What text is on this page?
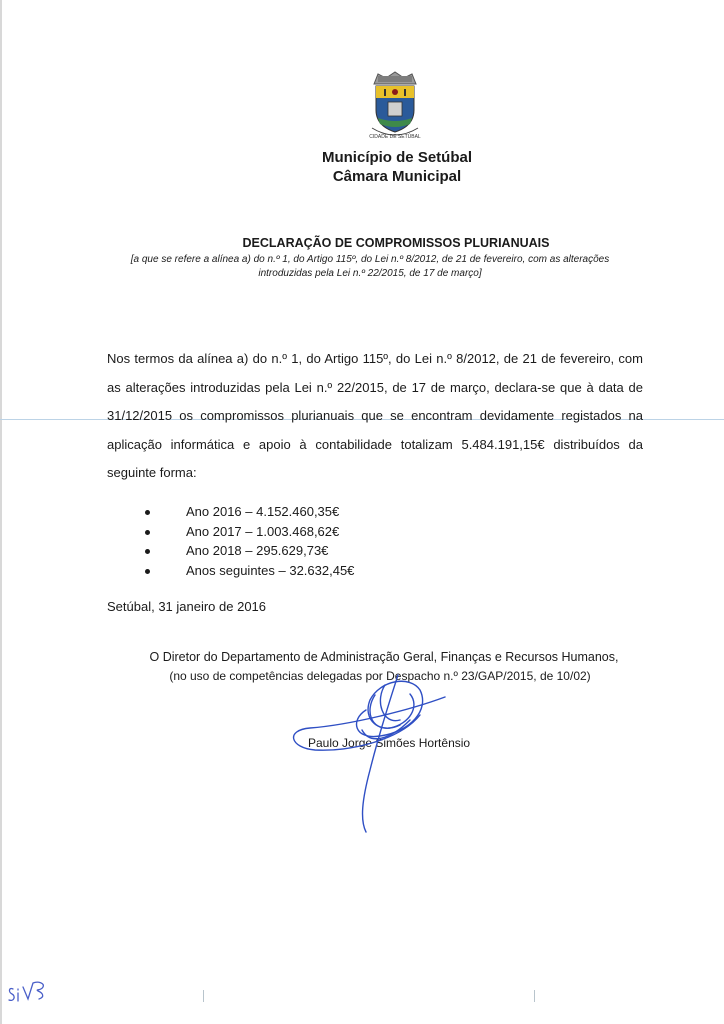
CIDADE DE SETÚBAL
Município de Setúbal
Câmara Municipal
DECLARAÇÃO DE COMPROMISSOS PLURIANUAIS
[a que se refere a alínea a) do n.º 1, do Artigo 115º, do Lei n.º 8/2012, de 21 de fevereiro, com as alterações
introduzidas pela Lei n.º 22/2015, de 17 de março]
Nos termos da alínea a) do n.º 1, do Artigo 115º, do Lei n.º 8/2012, de 21 de fevereiro, com as alterações introduzidas pela Lei n.º 22/2015, de 17 de março, declara-se que à data de 31/12/2015 os compromissos plurianuais que se encontram devidamente registados na aplicação informática e apoio à contabilidade totalizam 5.484.191,15€ distribuídos da seguinte forma:
Ano 2016 – 4.152.460,35€
Ano 2017 – 1.003.468,62€
Ano 2018 – 295.629,73€
Anos seguintes – 32.632,45€
Setúbal, 31 janeiro de 2016
O Diretor do Departamento de Administração Geral, Finanças e Recursos Humanos,
(no uso de competências delegadas por Despacho n.º 23/GAP/2015, de 10/02)
Paulo Jorge Simões Hortênsio
